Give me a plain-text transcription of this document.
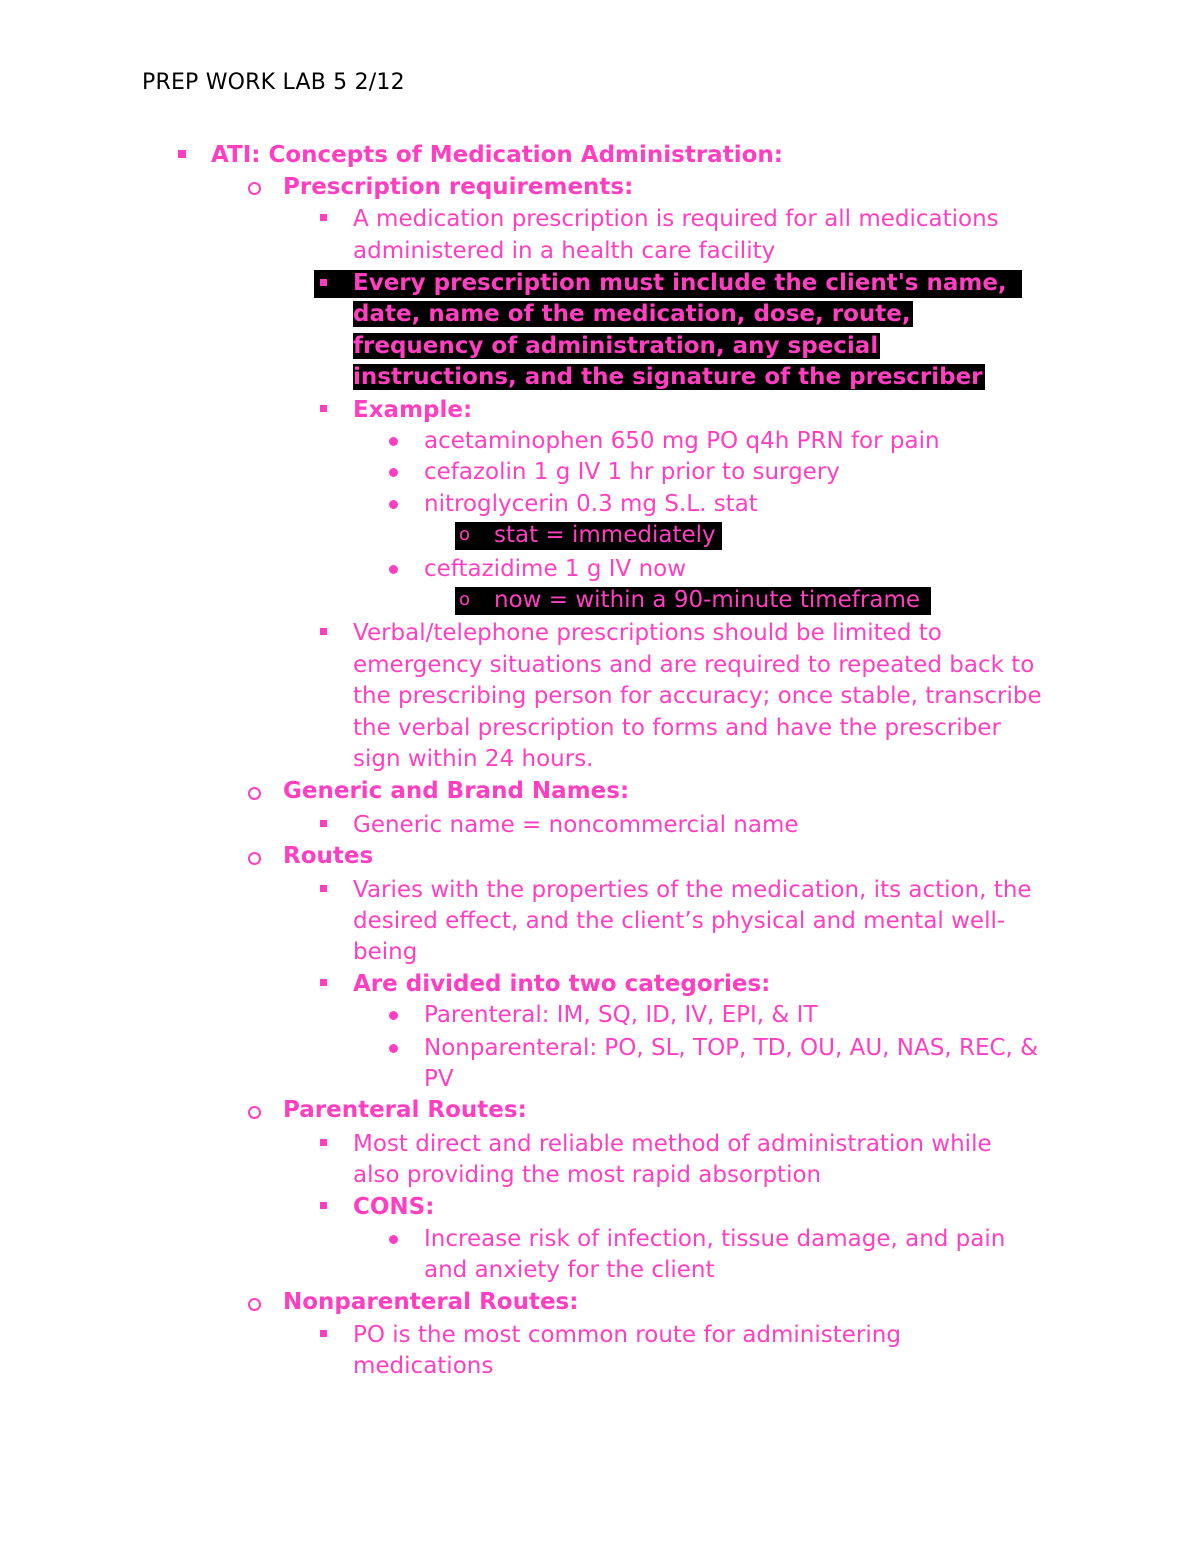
PREP WORK LAB 5 2/12
ATI: Concepts of Medication Administration:
Prescription requirements:
A medication prescription is required for all medications
administered in a health care facility
Every prescription must include the client's name,
date, name of the medication, dose, route,
frequency of administration, any special
instructions, and the signature of the prescriber
Example:
acetaminophen 650 mg PO q4h PRN for pain
cefazolin 1 g IV 1 hr prior to surgery
nitroglycerin 0.3 mg S.L. stat
o stat = immediately
ceftazidime 1 g IV now
o now = within a 90-minute timeframe
Verbal/telephone prescriptions should be limited to
emergency situations and are required to repeated back to
the prescribing person for accuracy; once stable, transcribe
the verbal prescription to forms and have the prescriber
sign within 24 hours.
Generic and Brand Names:
Generic name = noncommercial name
Routes
Varies with the properties of the medication, its action, the
desired effect, and the client’s physical and mental well-
being
Are divided into two categories:
Parenteral: IM, SQ, ID, IV, EPI, & IT
Nonparenteral: PO, SL, TOP, TD, OU, AU, NAS, REC, &
PV
Parenteral Routes:
Most direct and reliable method of administration while
also providing the most rapid absorption
CONS:
Increase risk of infection, tissue damage, and pain
and anxiety for the client
Nonparenteral Routes:
PO is the most common route for administering
medications
